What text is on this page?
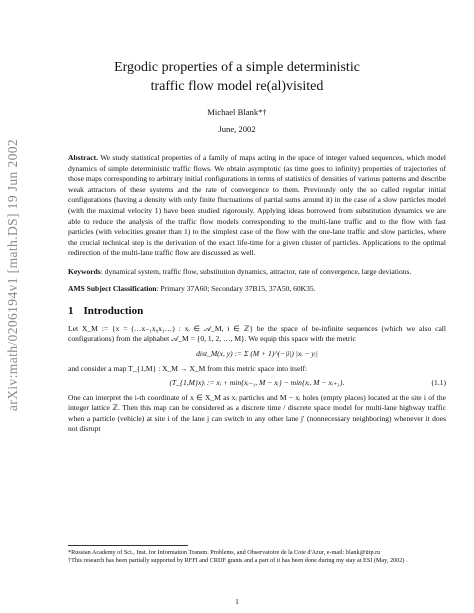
arXiv:math/0206194v1 [math.DS] 19 Jun 2002
Ergodic properties of a simple deterministic
traffic flow model re(al)visited
Michael Blank*†
June, 2002

Abstract. We study statistical properties of a family of maps acting in the space of integer valued sequences, which model dynamics of simple deterministic traffic flows. We obtain asymptotic (as time goes to infinity) properties of trajectories of those maps corresponding to arbitrary initial configurations in terms of statistics of densities of various patterns and describe weak attractors of these systems and the rate of convergence to them. Previously only the so called regular initial configurations (having a density with only finite fluctuations of partial sums around it) in the case of a slow particles model (with the maximal velocity 1) have been studied rigorously. Applying ideas borrowed from substitution dynamics we are able to reduce the analysis of the traffic flow models corresponding to the multi-lane traffic and to the flow with fast particles (with velocities greater than 1) to the simplest case of the flow with the one-lane traffic and slow particles, where the crucial technical step is the derivation of the exact life-time for a given cluster of particles. Applications to the optimal redirection of the multi-lane traffic flow are discussed as well.

Keywords: dynamical system, traffic flow, substitution dynamics, attractor, rate of convergence, large deviations.

AMS Subject Classification: Primary 37A60; Secondary 37B15, 37A50, 60K35.

1 Introduction

Let X_M := {x = (…x₋₁x₀x₁…) : xᵢ ∈ 𝒜_M, i ∈ ℤ} be the space of be-infinite sequences (which we also call configurations) from the alphabet 𝒜_M = {0, 1, 2, …, M}. We equip this space with the metric

dist_M(x, y) := Σ (M + 1)^(−|i|) |xᵢ − yᵢ|

and consider a map T_{1,M} : X_M → X_M from this metric space into itself:

(T_{1,M}x)ᵢ := xᵢ + min{xᵢ₋₁, M − xᵢ} − min{xᵢ, M − xᵢ₊₁}.	(1.1)

One can interpret the i-th coordinate of x ∈ X_M as xᵢ particles and M − xᵢ holes (empty places) located at the site i of the integer lattice ℤ. Then this map can be considered as a discrete time / discrete space model for multi-lane highway traffic when a particle (vehicle) at site i of the lane j can switch to any other lane j′ (nonnecessary neighboring) whenever it does not disrupt

*Russian Academy of Sci., Inst. for Information Transm. Problems, and Observatoire de la Cote d'Azur, e-mail: blank@iitp.ru

†This research has been partially supported by RFFI and CRDF grants and a part of it has been done during my stay at ESI (May, 2002) .

1
